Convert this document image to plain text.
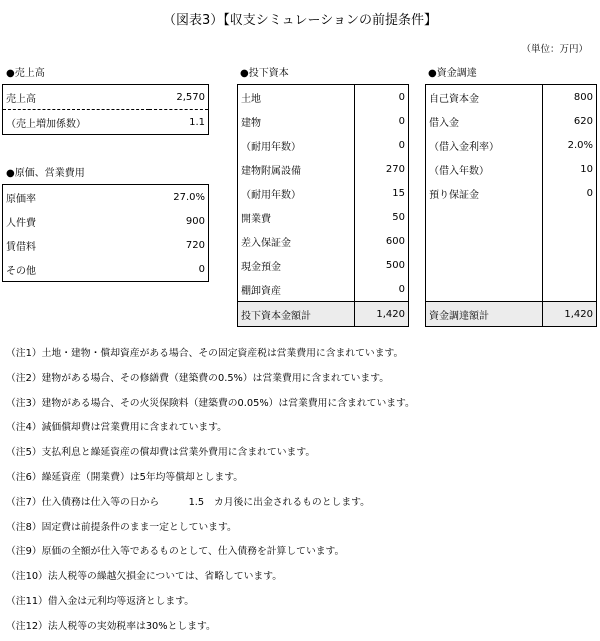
（図表3）【収支シミュレーションの前提条件】
（単位：万円）
●売上高
売上高	2,570
（売上増加係数）	1.1
●原価、営業費用
原価率	27.0%
人件費	900
賃借料	720
その他	0
●投下資本
土地	0
建物	0
（耐用年数）	0
建物附属設備	270
（耐用年数）	15
開業費	50
差入保証金	600
現金預金	500
棚卸資産	0
投下資本金額計	1,420
●資金調達
自己資本金	800
借入金	620
（借入金利率）	2.0%
（借入年数）	10
預り保証金	0

資金調達額計	1,420
（注1）土地・建物・償却資産がある場合、その固定資産税は営業費用に含まれています。
（注2）建物がある場合、その修繕費（建築費の0.5%）は営業費用に含まれています。
（注3）建物がある場合、その火災保険料（建築費の0.05%）は営業費用に含まれています。
（注4）減価償却費は営業費用に含まれています。
（注5）支払利息と繰延資産の償却費は営業外費用に含まれています。
（注6）繰延資産（開業費）は5年均等償却とします。
（注7）仕入債務は仕入等の日から　　　1.5　カ月後に出金されるものとします。
（注8）固定費は前提条件のまま一定としています。
（注9）原価の全額が仕入等であるものとして、仕入債務を計算しています。
（注10）法人税等の繰越欠損金については、省略しています。
（注11）借入金は元利均等返済とします。
（注12）法人税等の実効税率は30%とします。
